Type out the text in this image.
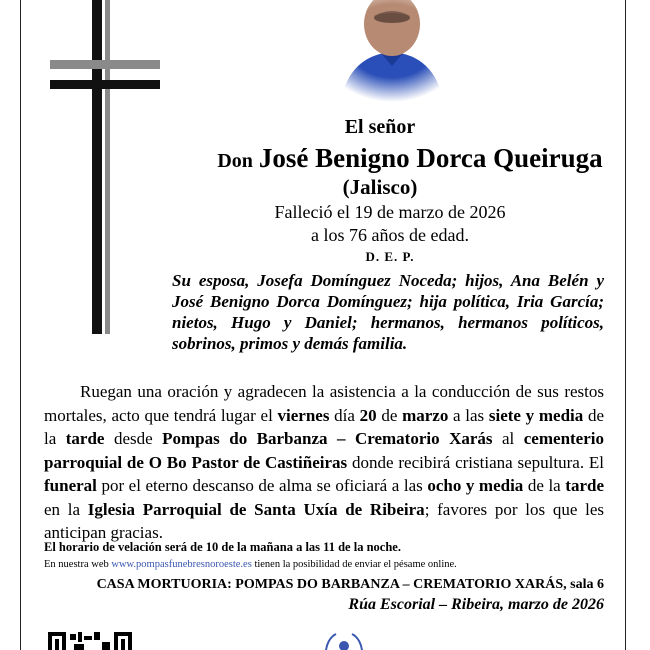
El señor
Don José Benigno Dorca Queiruga
(Jalisco)
Falleció el 19 de marzo de 2026
a los 76 años de edad.
D. E. P.
Su esposa, Josefa Domínguez Noceda; hijos, Ana Belén y José Benigno Dorca Domínguez; hija política, Iria García; nietos, Hugo y Daniel; hermanos, hermanos políticos, sobrinos, primos y demás familia.
Ruegan una oración y agradecen la asistencia a la conducción de sus restos mortales, acto que tendrá lugar el viernes día 20 de marzo a las siete y media de la tarde desde Pompas do Barbanza – Crematorio Xarás al cementerio parroquial de O Bo Pastor de Castiñeiras donde recibirá cristiana sepultura. El funeral por el eterno descanso de alma se oficiará a las ocho y media de la tarde en la Iglesia Parroquial de Santa Uxía de Ribeira; favores por los que les anticipan gracias.
El horario de velación será de 10 de la mañana a las 11 de la noche.
En nuestra web www.pompasfunebresnoroeste.es tienen la posibilidad de enviar el pésame online.
CASA MORTUORIA: POMPAS DO BARBANZA – CREMATORIO XARÁS, sala 6
Rúa Escorial – Ribeira, marzo de 2026
